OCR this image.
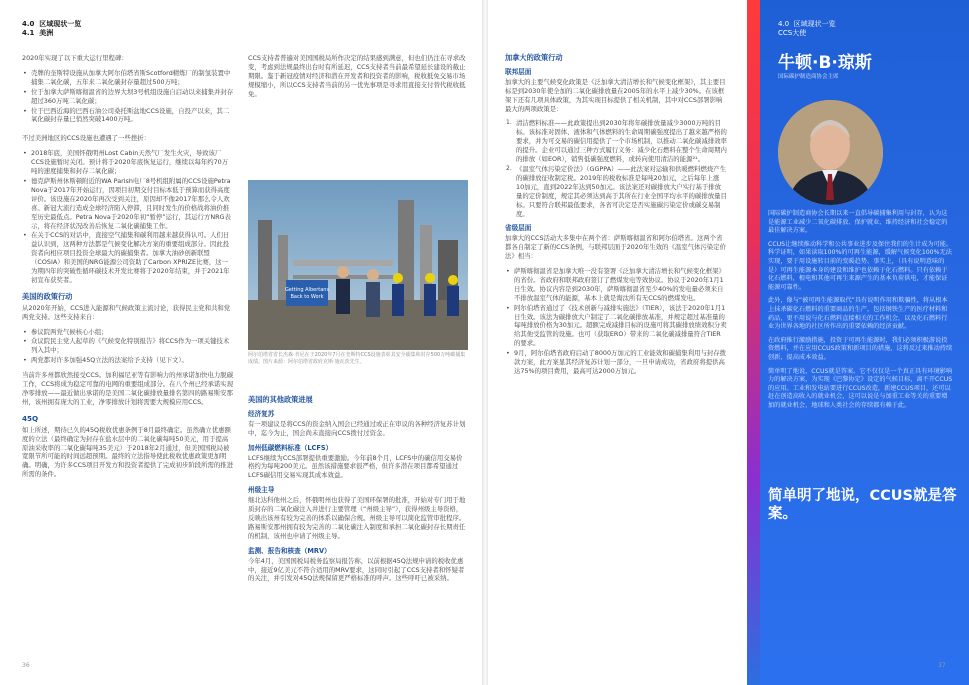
4.0 区域现状一览
4.1 美洲

2020年实现了以下重大运行里程碑：

• 壳牌的奎斯特设施从加拿大阿尔伯塔省斯Scotford精炼厂的制氢装置中捕集二氧化碳，五年来二氧化碳封存量超过500万吨；
• 位于加拿大萨斯喀彻温省的边界大坝3号机组设施自启动以来捕集并封存超过360万吨二氧化碳；
• 位于巴西近海的巴西石油公司桑托斯盆地CCS设施，自投产以来，其二氧化碳封存量已悄然突破1400万吨。

不过美洲地区的CCS设施也遭遇了一些挫折：

• 2018年底，美国怀俄明州Lost Cabin天然气厂发生火灾，导致该厂CCS设施暂时关闭。预计将于2020年底恢复运行，继续以每年约70万吨的速度捕集和封存二氧化碳；
• 德克萨斯州休斯顿附近的WA Parish电厂8号机组附属的CCS设施Petra Nova于2017年开始运行，因项目初期交付目标本低于预算而获得高度评价。该设施在2020年再次受到关注，原因却不像2017年那么令人欢喜。新冠大流行造成全球经济陷入停滞，且同时发生的价格战将油价推至历史最低点。Petra Nova于2020年初“暂停”运行，其运行方NRG表示，将在经济状况改善后恢复二氧化碳捕集工作。
• 在关于CCS的对话中，直接空气捕集和碳利用越来越获得认可。人们日益认识到，这两种方法都是气候变化解决方案的重要组成部分。因此投资者向相应项目投资全球最大的碳捕集者。加拿大油砂创新联盟（COSIA）和美国的NRG能源公司资助了Carbon XPRIZE比赛，这一为期四年的突破性循环碳技术开发比赛将于2020年结束，并于2021年初宣布获奖者。
美国的政策行动

从2020年开始，CCS进入能源和气候政策主流讨论，获得民主党和共和党两党支持。这些支持来自：

• 参议院两党气候核心小组；
• 众议院民主党人起草的《气候变化特别报告》将CCS作为一项关键技术列入其中；
• 两党都对许多加强45Q立法的法案给予支持（见下文）。

当前许多州都欣然接受CCS。加利福尼亚等有影响力的州承诺加快电力脱碳工作，CCS将成为稳定可靠的电网的重要组成部分。在八个州已经承诺实现净零排放——最近做出承诺的是美国二氧化碳排放量排名第四的路易斯安那州，该州拥有庞大的工业，净零排放计划将需要大规模应用CCS。

45Q

如上所述，期待已久的45Q税收优惠条例于8月最终确定。虽然确立优惠额度的立法（最终确定为封存在盐水层中的二氧化碳每吨50美元，用于提高原油采收率的二氧化碳每吨35美元）于2018年2月通过，但美国国税局被宽限节所可能的时间远超预期。最终的立法指导使此税收优惠政策更加明确。明确，为许多CCS项目开发方和投资者提供了完成初步阶段所需的推进所需的条件。

CCS支持者普遍对美国国税局所作决定的结果感到满意，但也们仍注在寻求改变，考虑到法规最终出台时有所延迟，CCS支持者当前最希望延长建设的截止期限。鉴于新冠疫情对经济和潜在开发者和投资者的影响，税收抵免交易市场规模缩小，所以CCS支持者当前的另一优先事项是寻求用直接支付替代税收抵免。

Getting Albertans
Back to Work
阿尔伯塔省省长杰森·肯尼在于2020年7月在奎斯特CCS设施表彰其安全捕集和封存500万吨碳捕集成绩。图片来源：阿尔伯塔省政府克斯·施瓦茨先生。
美国的其他政策进展
经济复苏

有一项建议是将CCS的资金纳入国会已经通过或正在审议的各种经济复苏计划中，迄今为止，国会尚未直接向CCS拨付过资金。

加州低碳燃料标准（LCFS）

LCFS继续为CCS部署提供重要激励。今年前8个月，LCFS中的碳信用交易价格约为每吨200美元。虽然该措施要求很严格，但许多潜在项目都希望通过LCFS碳信用交易实现其成本效益。

州级主导

继北达科他州之后，怀俄明州也获得了美国环保署的批准，开始对专门用于地质封存的二氧化碳注入井进行主要管理（“州级主导”），获得州级主导资格，反映出该州有较为完善的体系以确保合规。州级主导可以简化监管审批程序。路易斯安那州拥有较为完善的二氧化碳注入制度和承担二氧化碳封存长期责任的机制，该州也申请了州级主导。

监测、报告和核查（MRV）

今年4月，美国国税局税务监察局报告称，以前根据45Q法规申请的税收优惠中，接近9亿美元不符合适用的MRV要求，这同时引起了CCS支持者和怀疑者的关注，并引发对45Q法规保留更严格标准的呼声。这些呼吁已被采纳。

36
加拿大的政策行动
联邦层面

加拿大的主要气候变化政策是《泛加拿大清洁增长和气候变化框架》，其主要目标是到2030年使全加的二氧化碳排放量在2005年的水平上减少30%。在该框架下还有几项具体政策，为其实现目标提供了相关机制，其中对CCS部署影响最大的两项政策是：

1. 清洁燃料标准——此政策提出到2030年将年碳排放量减少3000万吨的目标。该标准对固体、液体和气体燃料的生命周期碳强度提出了越来越严格的要求，并为可交易的碳信用提供了一个市场机制，以推动二氧化碳减排效率的提升。企业可以通过三种方式履行义务：减少化石燃料在整个生命周期内的排放（如EOR），销售低碳强度燃料，或转向使用清洁的能源²¹。
2. 《温室气体污染定价法》（GGPPA）——此法案对运输和供暖燃料燃烧产生的碳排放征收制定税。2019年的税收标准是每吨20加元，之后每年上涨10加元，直到2022年达到50加元。该法案还对碳排放大户实行基于排放量的定价制度，规定其必须达到高于其所在行业全国平均水平的碳排放量目标。只要符合联邦最低要求，各省可决定是否实施碳污染定价或碳交易制度。
省级层面

加拿大的CCS活动大多集中在两个省：萨斯喀彻温省和阿尔伯塔省。这两个省都各自制定了新的CCS条例，与联邦层面于2020年生效的《温室气体污染定价法》相当：

• 萨斯喀彻温省是加拿大唯一没有签署《泛加拿大清洁增长和气候变化框架》的省份。省政府和联邦政府签订了燃煤发电等效协议。协议于2020年1月1日生效。协议内容是到2030年，萨斯喀彻温省至少40%的发电量必须来自不排放温室气体的能源，基本上就是淘汰所有无CCS的燃煤发电。
• 阿尔伯塔省通过了《技术创新与减排实施法》（TIER），该法于2020年1月1日生效。该法为碳排放大户制定了二氧化碳排放基准，并规定超过基准量的每吨排放价格为30加元。超额完成减排目标的设施可将其碳排放绩效积分卖给其他受监管的设施。也可（获取ERO）带来的二氧化碳减排量符合TIER的要求。
• 9月，阿尔伯塔省政府启动了8000万加元的工业能效和碳捕集利用与封存拨款方案，此方案显其经济复苏计划一部分，一旦申请成功，省政府将提供高达75%的项目费用，最高可达2000万加元。
4.0 区域现状一览
CCS大使
牛顿·B·琼斯
国际碳护制造商协会主席

国际碳护制造商协会长期以来一直倡导碳捕集利用与封存，认为这是能源工业减少二氧化碳排放、保护就业、维持经济和社会稳定的最佳解决方案。

CCUS让继续推动科学和公共事业进步及保住我们的生计成为可能。科学证明，如果读取100%的可再生能源，缓解气候变化100%无法实现，要于用设施转目前的变暖趋势。事实上，（具有说明意味的是）可再生能源本身的建设和维护也依赖于化石燃料。只有依赖于化石燃料，根电和其他可再生来源产生的基本负荷供电，才能保证能源可靠性。

此外，像与“被可再生能源取代”具有说明作用和欺骗性，将从根本上抹杀碳化石燃料的重要商品的生产，包括钢铁生产的医疗材料和药品，更不用说与化石燃料直接相关的工作机会，以及化石燃料行业为世界各地的社区所作出的重要依赖的经济贡献。

在政府推行激励措施，投资于可再生能源时，我们必须积极游说投资燃料，并在应用CCUS政策和新项目的措施，这将反过来推动持续创新，提高成本效益。

简单明了地说，CCUS就是答案。它不仅仅是一个真正具有环境影响力的解决方案，为实现《巴黎协定》设定的气候目标，离不开CCUS的应用。工业和发电站要进行CCUS改造，新建CCUS项目，还可以赶在创造高收入的就业机会，这可以说是与加重工业等关的重要增加的就业机会，地球和人类社会的存续都有赖于此。

简单明了地说，CCUS就是答案。
37
